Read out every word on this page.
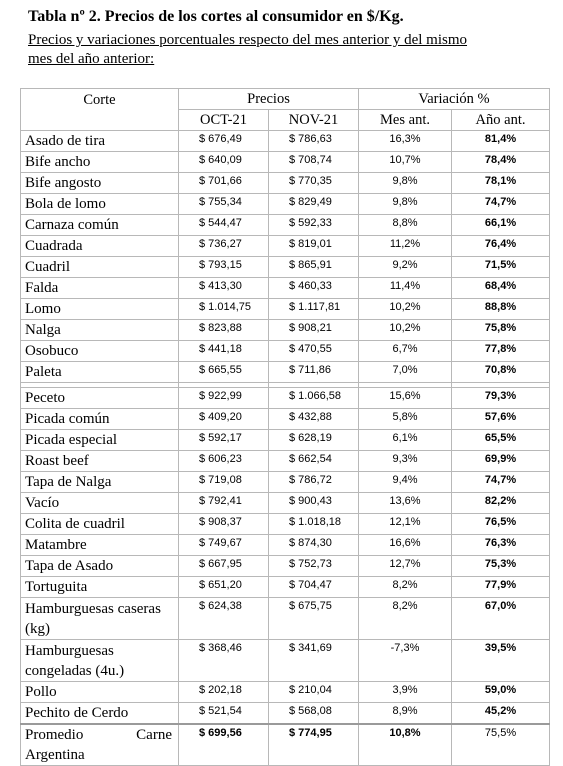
Tabla nº 2. Precios de los cortes al consumidor en $/Kg.
Precios y variaciones porcentuales respecto del mes anterior y del mismo
mes del año anterior:
Corte	Precios		Variación %	
	OCT-21	NOV-21	Mes ant.	Año ant.
Asado de tira	$ 676,49	$ 786,63	16,3%	81,4%
Bife ancho	$ 640,09	$ 708,74	10,7%	78,4%
Bife angosto	$ 701,66	$ 770,35	9,8%	78,1%
Bola de lomo	$ 755,34	$ 829,49	9,8%	74,7%
Carnaza común	$ 544,47	$ 592,33	8,8%	66,1%
Cuadrada	$ 736,27	$ 819,01	11,2%	76,4%
Cuadril	$ 793,15	$ 865,91	9,2%	71,5%
Falda	$ 413,30	$ 460,33	11,4%	68,4%
Lomo	$ 1.014,75	$ 1.117,81	10,2%	88,8%
Nalga	$ 823,88	$ 908,21	10,2%	75,8%
Osobuco	$ 441,18	$ 470,55	6,7%	77,8%
Paleta	$ 665,55	$ 711,86	7,0%	70,8%

Peceto	$ 922,99	$ 1.066,58	15,6%	79,3%
Picada común	$ 409,20	$ 432,88	5,8%	57,6%
Picada especial	$ 592,17	$ 628,19	6,1%	65,5%
Roast beef	$ 606,23	$ 662,54	9,3%	69,9%
Tapa de Nalga	$ 719,08	$ 786,72	9,4%	74,7%
Vacío	$ 792,41	$ 900,43	13,6%	82,2%
Colita de cuadril	$ 908,37	$ 1.018,18	12,1%	76,5%
Matambre	$ 749,67	$ 874,30	16,6%	76,3%
Tapa de Asado	$ 667,95	$ 752,73	12,7%	75,3%
Tortuguita	$ 651,20	$ 704,47	8,2%	77,9%
Hamburguesas caseras (kg)	$ 624,38	$ 675,75	8,2%	67,0%
Hamburguesas congeladas (4u.)	$ 368,46	$ 341,69	-7,3%	39,5%
Pollo	$ 202,18	$ 210,04	3,9%	59,0%
Pechito de Cerdo	$ 521,54	$ 568,08	8,9%	45,2%

Promedio Carne
Argentina	$ 699,56	$ 774,95	10,8%	75,5%
